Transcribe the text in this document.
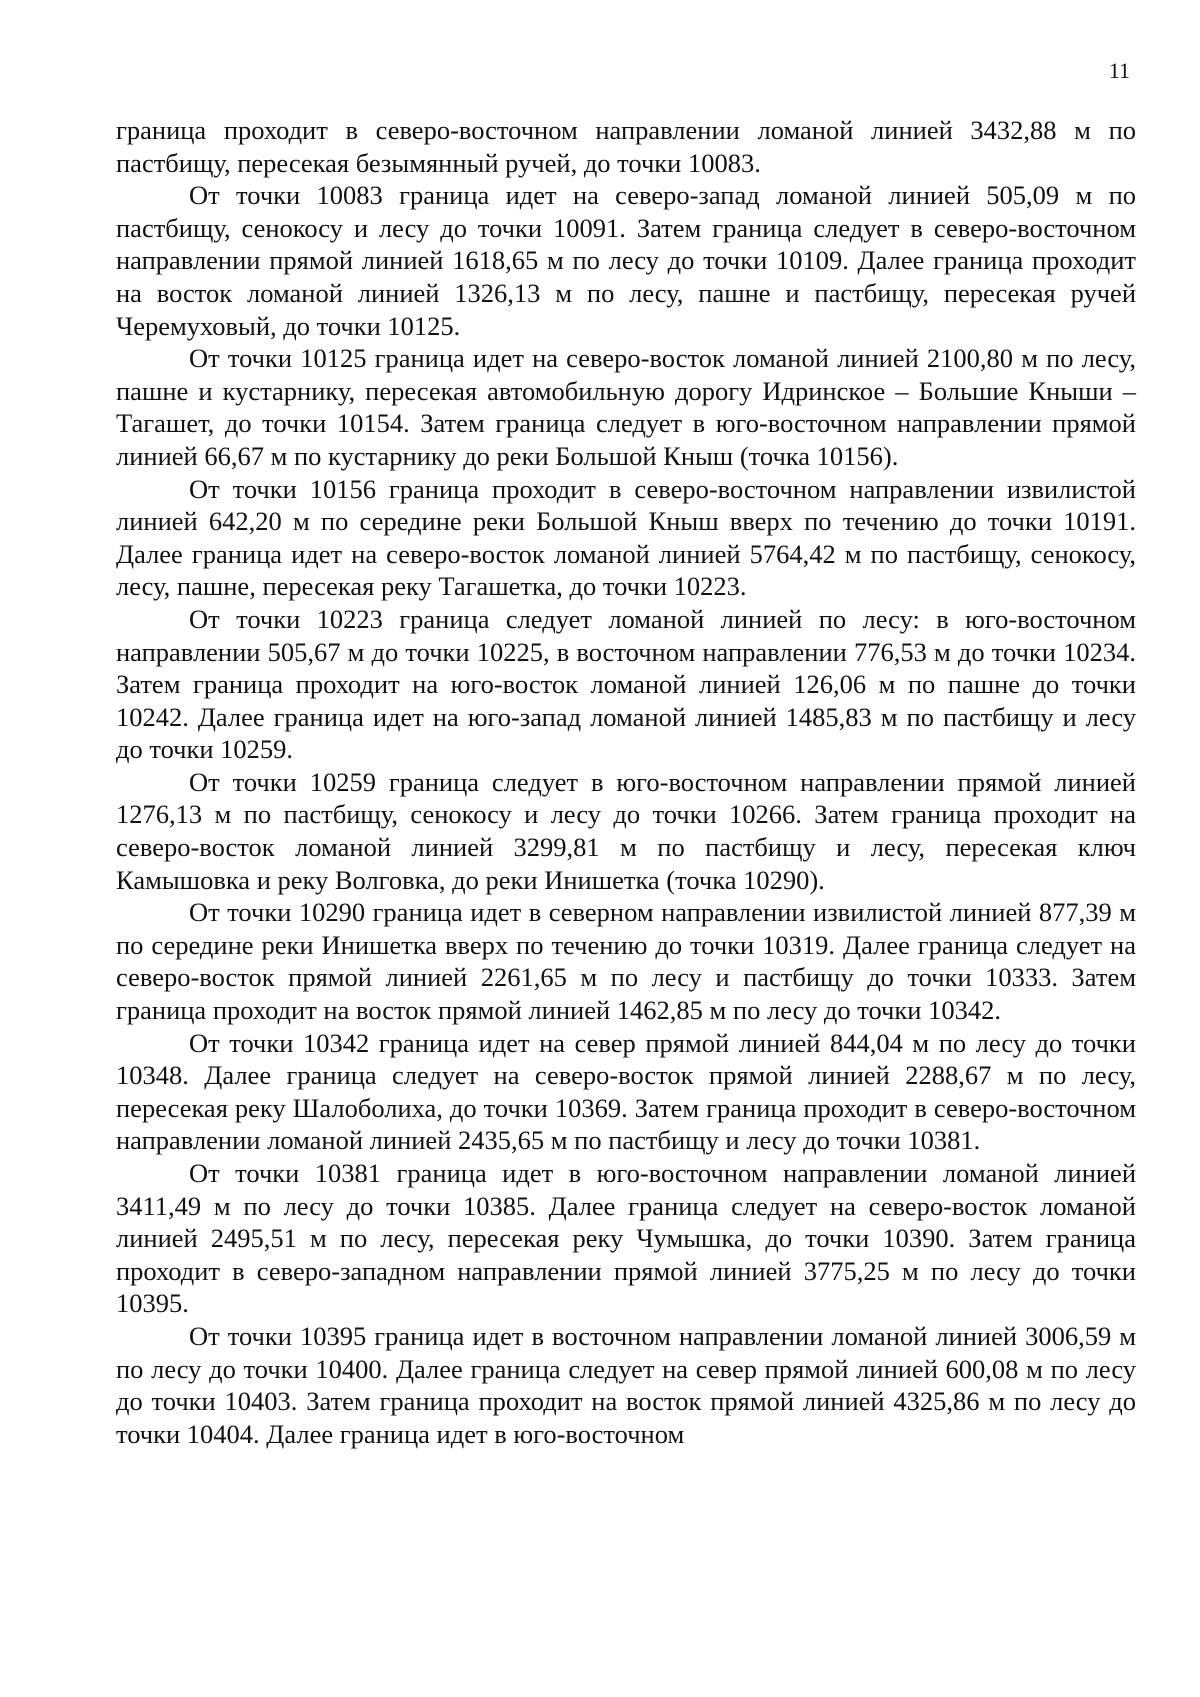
11

граница проходит в северо-восточном направлении ломаной линией 3432,88 м по пастбищу, пересекая безымянный ручей, до точки 10083.

От точки 10083 граница идет на северо-запад ломаной линией 505,09 м по пастбищу, сенокосу и лесу до точки 10091. Затем граница следует в северо-восточном направлении прямой линией 1618,65 м по лесу до точки 10109. Далее граница проходит на восток ломаной линией 1326,13 м по лесу, пашне и пастбищу, пересекая ручей Черемуховый, до точки 10125.

От точки 10125 граница идет на северо-восток ломаной линией 2100,80 м по лесу, пашне и кустарнику, пересекая автомобильную дорогу Идринское – Большие Кныши – Тагашет, до точки 10154. Затем граница следует в юго-восточном направлении прямой линией 66,67 м по кустарнику до реки Большой Кныш (точка 10156).

От точки 10156 граница проходит в северо-восточном направлении извилистой линией 642,20 м по середине реки Большой Кныш вверх по течению до точки 10191. Далее граница идет на северо-восток ломаной линией 5764,42 м по пастбищу, сенокосу, лесу, пашне, пересекая реку Тагашетка, до точки 10223.

От точки 10223 граница следует ломаной линией по лесу: в юго-восточном направлении 505,67 м до точки 10225, в восточном направлении 776,53 м до точки 10234. Затем граница проходит на юго-восток ломаной линией 126,06 м по пашне до точки 10242. Далее граница идет на юго-запад ломаной линией 1485,83 м по пастбищу и лесу до точки 10259.

От точки 10259 граница следует в юго-восточном направлении прямой линией 1276,13 м по пастбищу, сенокосу и лесу до точки 10266. Затем граница проходит на северо-восток ломаной линией 3299,81 м по пастбищу и лесу, пересекая ключ Камышовка и реку Волговка, до реки Инишетка (точка 10290).

От точки 10290 граница идет в северном направлении извилистой линией 877,39 м по середине реки Инишетка вверх по течению до точки 10319. Далее граница следует на северо-восток прямой линией 2261,65 м по лесу и пастбищу до точки 10333. Затем граница проходит на восток прямой линией 1462,85 м по лесу до точки 10342.

От точки 10342 граница идет на север прямой линией 844,04 м по лесу до точки 10348. Далее граница следует на северо-восток прямой линией 2288,67 м по лесу, пересекая реку Шалоболиха, до точки 10369. Затем граница проходит в северо-восточном направлении ломаной линией 2435,65 м по пастбищу и лесу до точки 10381.

От точки 10381 граница идет в юго-восточном направлении ломаной линией 3411,49 м по лесу до точки 10385. Далее граница следует на северо-восток ломаной линией 2495,51 м по лесу, пересекая реку Чумышка, до точки 10390. Затем граница проходит в северо-западном направлении прямой линией 3775,25 м по лесу до точки 10395.

От точки 10395 граница идет в восточном направлении ломаной линией 3006,59 м по лесу до точки 10400. Далее граница следует на север прямой линией 600,08 м по лесу до точки 10403. Затем граница проходит на восток прямой линией 4325,86 м по лесу до точки 10404. Далее граница идет в юго-восточном
